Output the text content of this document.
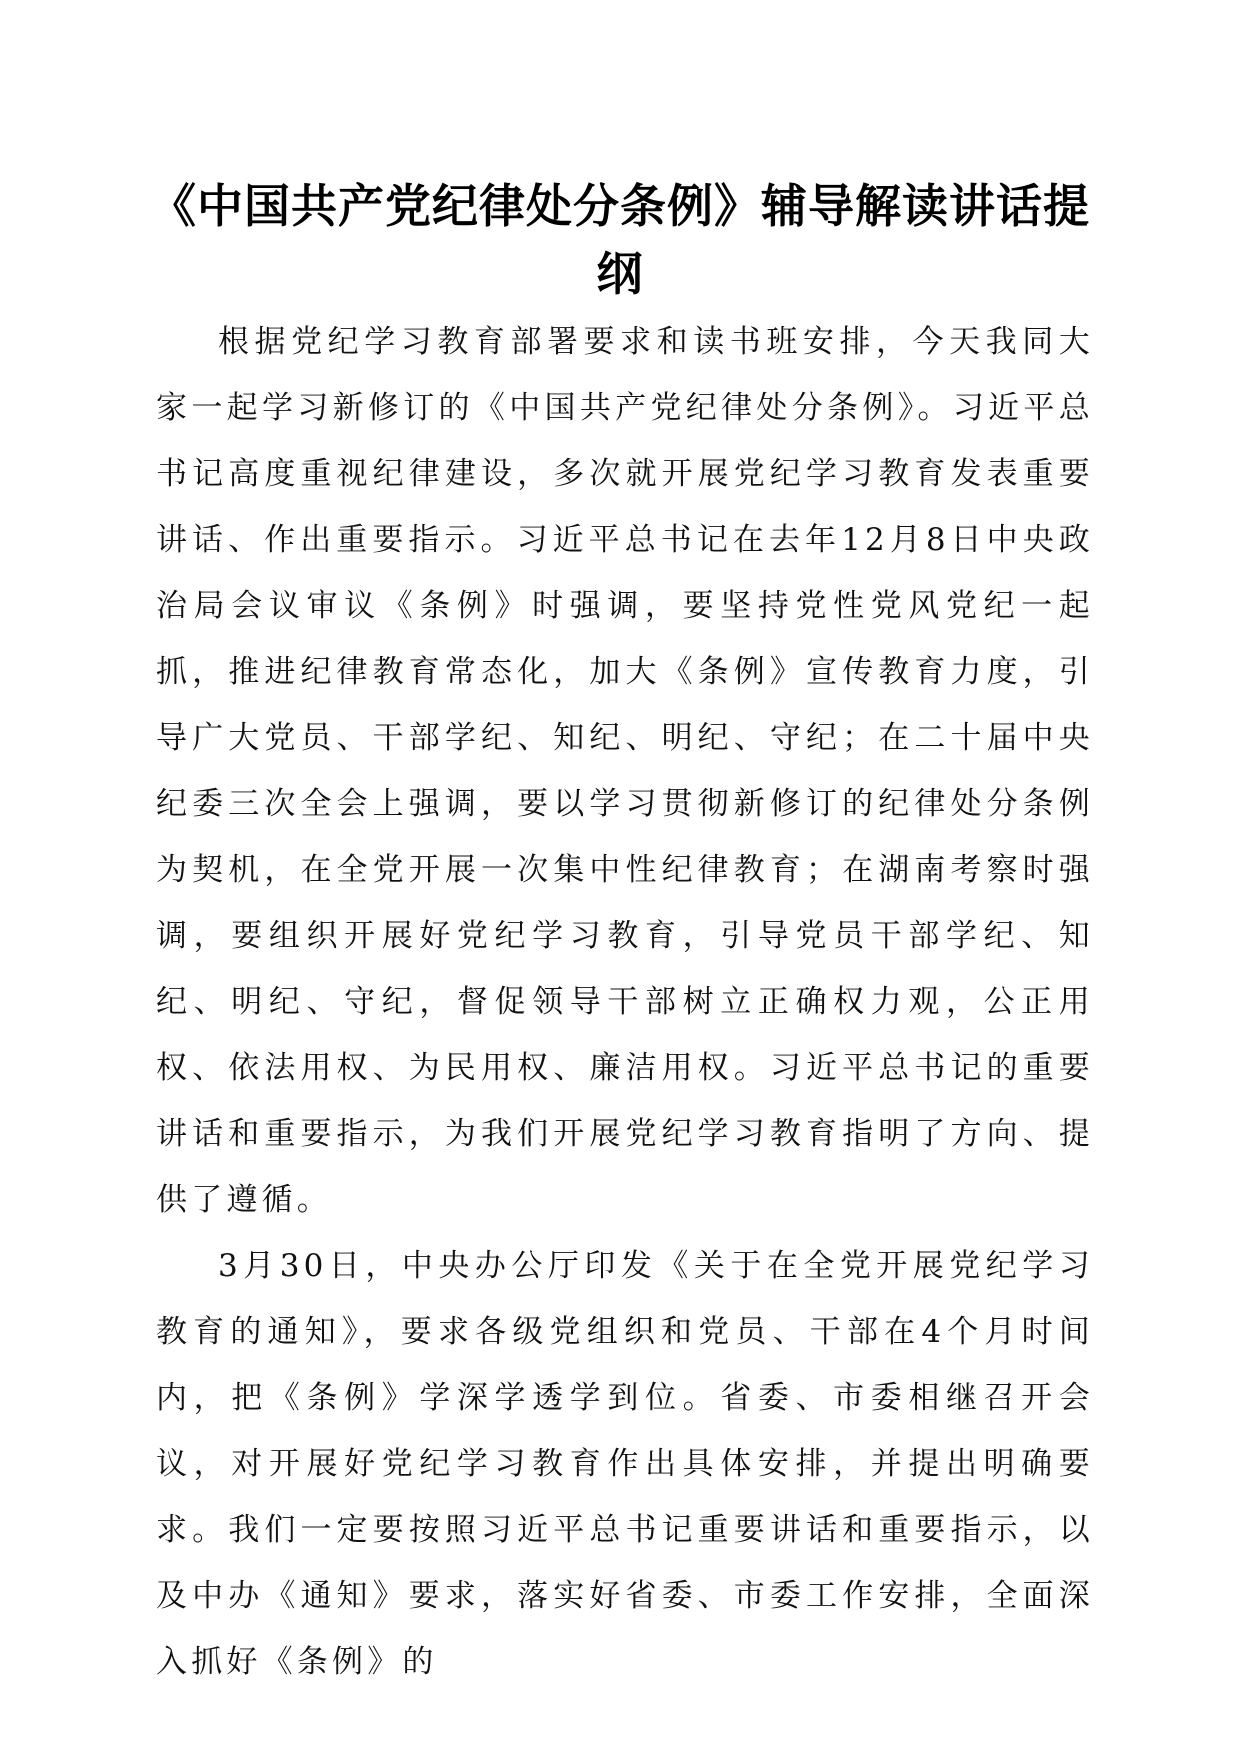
《中国共产党纪律处分条例》辅导解读讲话提纲

根据党纪学习教育部署要求和读书班安排，今天我同大家一起学习新修订的《中国共产党纪律处分条例》。习近平总书记高度重视纪律建设，多次就开展党纪学习教育发表重要讲话、作出重要指示。习近平总书记在去年12月8日中央政治局会议审议《条例》时强调，要坚持党性党风党纪一起抓，推进纪律教育常态化，加大《条例》宣传教育力度，引导广大党员、干部学纪、知纪、明纪、守纪；在二十届中央纪委三次全会上强调，要以学习贯彻新修订的纪律处分条例为契机，在全党开展一次集中性纪律教育；在湖南考察时强调，要组织开展好党纪学习教育，引导党员干部学纪、知纪、明纪、守纪，督促领导干部树立正确权力观，公正用权、依法用权、为民用权、廉洁用权。习近平总书记的重要讲话和重要指示，为我们开展党纪学习教育指明了方向、提供了遵循。

3月30日，中央办公厅印发《关于在全党开展党纪学习教育的通知》，要求各级党组织和党员、干部在4个月时间内，把《条例》学深学透学到位。省委、市委相继召开会议，对开展好党纪学习教育作出具体安排，并提出明确要求。我们一定要按照习近平总书记重要讲话和重要指示，以及中办《通知》要求，落实好省委、市委工作安排，全面深入抓好《条例》的
